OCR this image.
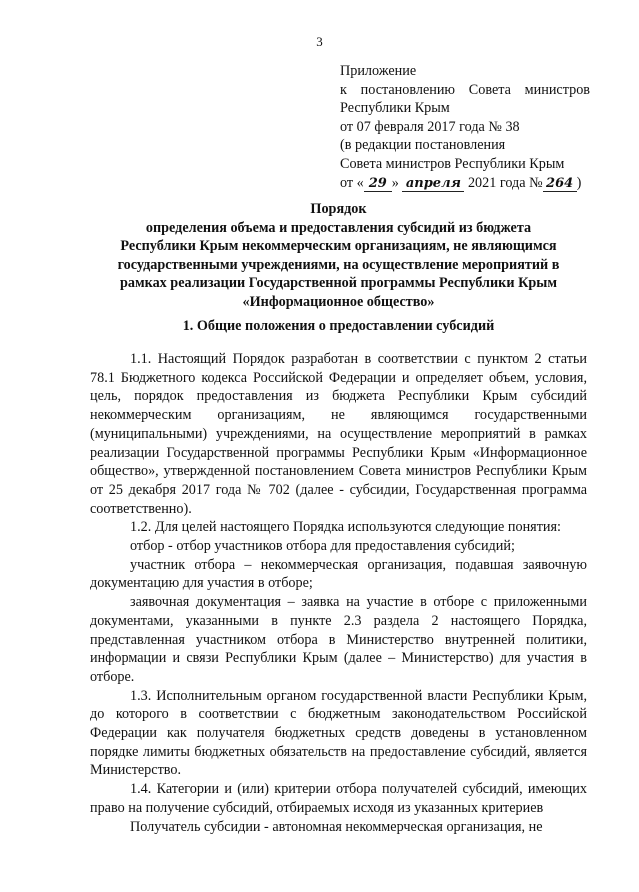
3
Приложение
к постановлению Совета министров
Республики Крым
от 07 февраля 2017 года № 38
(в редакции постановления
Совета министров Республики Крым
от « 29 » апреля 2021 года № 264 )
Порядок
определения объема и предоставления субсидий из бюджета
Республики Крым некоммерческим организациям, не являющимся
государственными учреждениями, на осуществление мероприятий в
рамках реализации Государственной программы Республики Крым
«Информационное общество»
1. Общие положения о предоставлении субсидий

1.1. Настоящий Порядок разработан в соответствии с пунктом 2 статьи 78.1 Бюджетного кодекса Российской Федерации и определяет объем, условия, цель, порядок предоставления из бюджета Республики Крым субсидий некоммерческим организациям, не являющимся государственными (муниципальными) учреждениями, на осуществление мероприятий в рамках реализации Государственной программы Республики Крым «Информационное общество», утвержденной постановлением Совета министров Республики Крым от 25 декабря 2017 года № 702 (далее - субсидии, Государственная программа соответственно).

1.2. Для целей настоящего Порядка используются следующие понятия:

отбор - отбор участников отбора для предоставления субсидий;

участник отбора – некоммерческая организация, подавшая заявочную документацию для участия в отборе;

заявочная документация – заявка на участие в отборе с приложенными документами, указанными в пункте 2.3 раздела 2 настоящего Порядка, представленная участником отбора в Министерство внутренней политики, информации и связи Республики Крым (далее – Министерство) для участия в отборе.

1.3. Исполнительным органом государственной власти Республики Крым, до которого в соответствии с бюджетным законодательством Российской Федерации как получателя бюджетных средств доведены в установленном порядке лимиты бюджетных обязательств на предоставление субсидий, является Министерство.

1.4. Категории и (или) критерии отбора получателей субсидий, имеющих право на получение субсидий, отбираемых исходя из указанных критериев

Получатель субсидии - автономная некоммерческая организация, не
